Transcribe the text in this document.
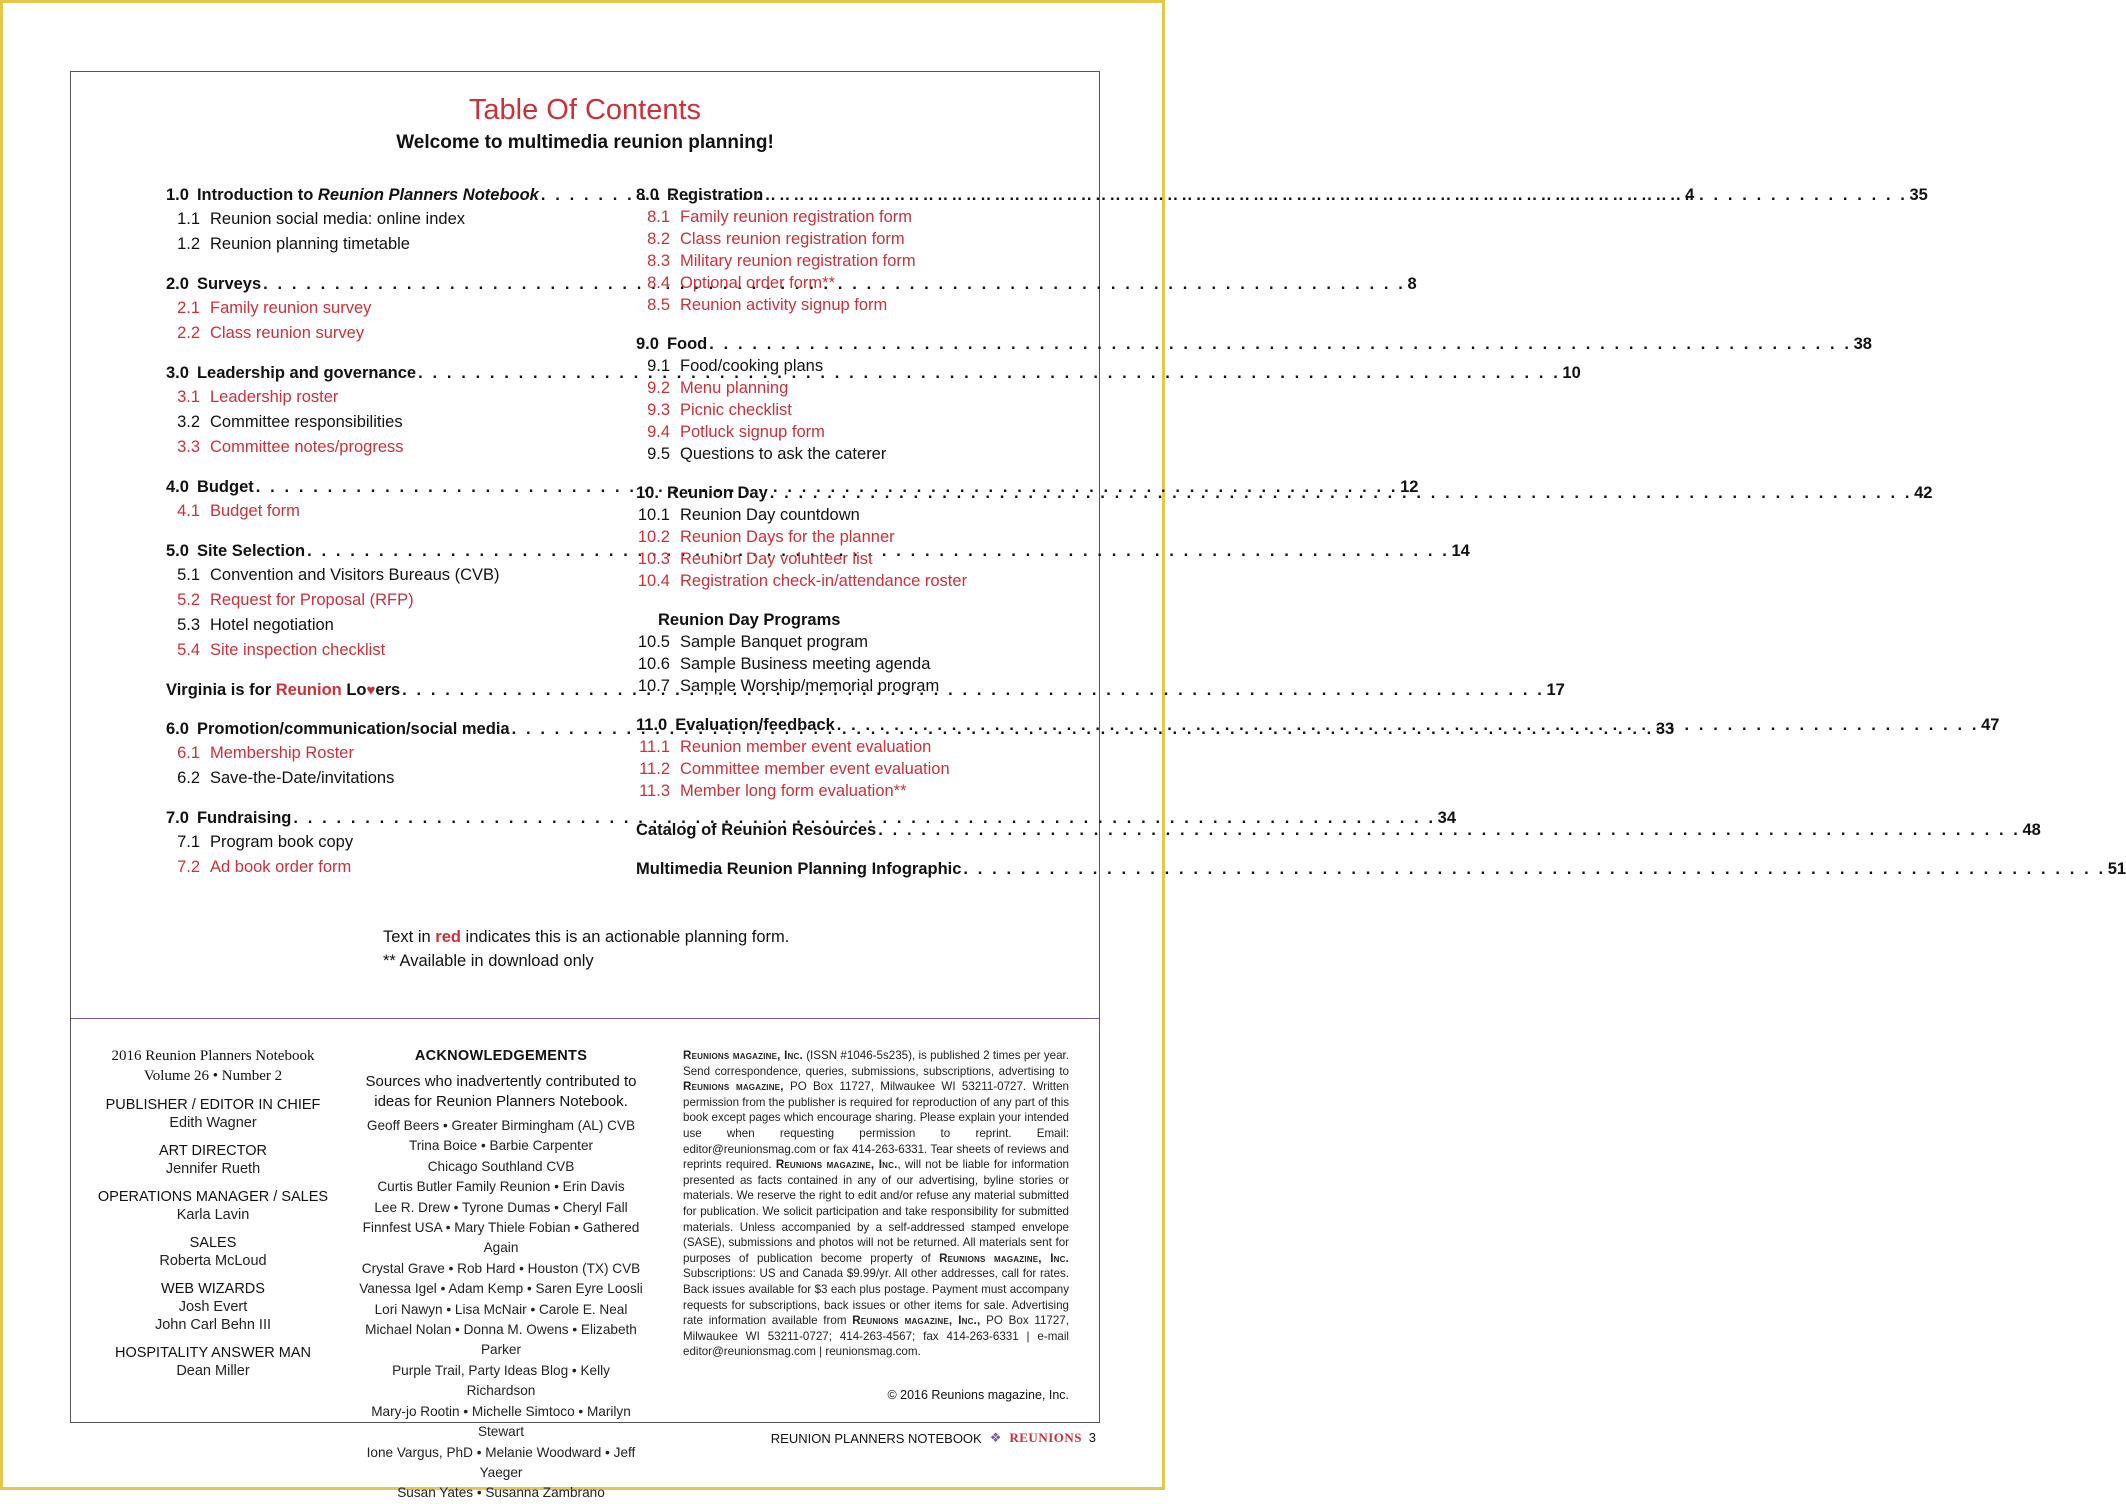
Table Of Contents
Welcome to multimedia reunion planning!
1.0 Introduction to Reunion Planners Notebook . . .	4
1.1 Reunion social media: online index
1.2 Reunion planning timetable
2.0 Surveys . . .	8
2.1 Family reunion survey
2.2 Class reunion survey
3.0 Leadership and governance . . .	10
3.1 Leadership roster
3.2 Committee responsibilities
3.3 Committee notes/progress
4.0 Budget . . .	12
4.1 Budget form
5.0 Site Selection . . .	14
5.1 Convention and Visitors Bureaus (CVB)
5.2 Request for Proposal (RFP)
5.3 Hotel negotiation
5.4 Site inspection checklist
Virginia is for Reunion Lo♥ers . . .	17
6.0 Promotion/communication/social media . . .	33
6.1 Membership Roster
6.2 Save-the-Date/invitations
7.0 Fundraising . . .	34
7.1 Program book copy
7.2 Ad book order form
8.0 Registration . . .	35
8.1 Family reunion registration form
8.2 Class reunion registration form
8.3 Military reunion registration form
8.4 Optional order form**
8.5 Reunion activity signup form
9.0 Food . . .	38
9.1 Food/cooking plans
9.2 Menu planning
9.3 Picnic checklist
9.4 Potluck signup form
9.5 Questions to ask the caterer
10. Reunion Day . . .	42
10.1 Reunion Day countdown
10.2 Reunion Days for the planner
10.3 Reunion Day volunteer list
10.4 Registration check-in/attendance roster
Reunion Day Programs
10.5 Sample Banquet program
10.6 Sample Business meeting agenda
10.7 Sample Worship/memorial program
11.0 Evaluation/feedback . . .	47
11.1 Reunion member event evaluation
11.2 Committee member event evaluation
11.3 Member long form evaluation**
Catalog of Reunion Resources . . .	48
Multimedia Reunion Planning Infographic . . .	51
Text in red indicates this is an actionable planning form.
** Available in download only
2016 Reunion Planners Notebook
Volume 26 • Number 2
PUBLISHER / EDITOR IN CHIEF
Edith Wagner
ART DIRECTOR
Jennifer Rueth
OPERATIONS MANAGER / SALES
Karla Lavin
SALES
Roberta McLoud
WEB WIZARDS
Josh Evert
John Carl Behn III
HOSPITALITY ANSWER MAN
Dean Miller
ACKNOWLEDGEMENTS
Sources who inadvertently contributed to ideas for Reunion Planners Notebook.
Geoff Beers • Greater Birmingham (AL) CVB
Trina Boice • Barbie Carpenter
Chicago Southland CVB
Curtis Butler Family Reunion • Erin Davis
Lee R. Drew • Tyrone Dumas • Cheryl Fall
Finnfest USA • Mary Thiele Fobian • Gathered Again
Crystal Grave • Rob Hard • Houston (TX) CVB
Vanessa Igel • Adam Kemp • Saren Eyre Loosli
Lori Nawyn • Lisa McNair • Carole E. Neal
Michael Nolan • Donna M. Owens • Elizabeth Parker
Purple Trail, Party Ideas Blog • Kelly Richardson
Mary-jo Rootin • Michelle Simtoco • Marilyn Stewart
Ione Vargus, PhD • Melanie Woodward • Jeff Yaeger
Susan Yates • Susanna Zambrano
Reunions magazine, Inc. (ISSN #1046-5s235), is published 2 times per year. Send correspondence, queries, submissions, subscriptions, advertising to Reunions magazine, PO Box 11727, Milwaukee WI 53211-0727. Written permission from the publisher is required for reproduction of any part of this book except pages which encourage sharing. Please explain your intended use when requesting permission to reprint. Email: editor@reunionsmag.com or fax 414-263-6331. Tear sheets of reviews and reprints required. Reunions magazine, Inc., will not be liable for information presented as facts contained in any of our advertising, byline stories or materials. We reserve the right to edit and/or refuse any material submitted for publication. We solicit participation and take responsibility for submitted materials. Unless accompanied by a self-addressed stamped envelope (SASE), submissions and photos will not be returned. All materials sent for purposes of publication become property of Reunions magazine, Inc. Subscriptions: US and Canada $9.99/yr. All other addresses, call for rates. Back issues available for $3 each plus postage. Payment must accompany requests for subscriptions, back issues or other items for sale. Advertising rate information available from Reunions magazine, Inc., PO Box 11727, Milwaukee WI 53211-0727; 414-263-4567; fax 414-263-6331 | e-mail editor@reunionsmag.com | reunionsmag.com.
© 2016 Reunions magazine, Inc.
REUNION PLANNERS NOTEBOOK ❖ REUNIONS 3
